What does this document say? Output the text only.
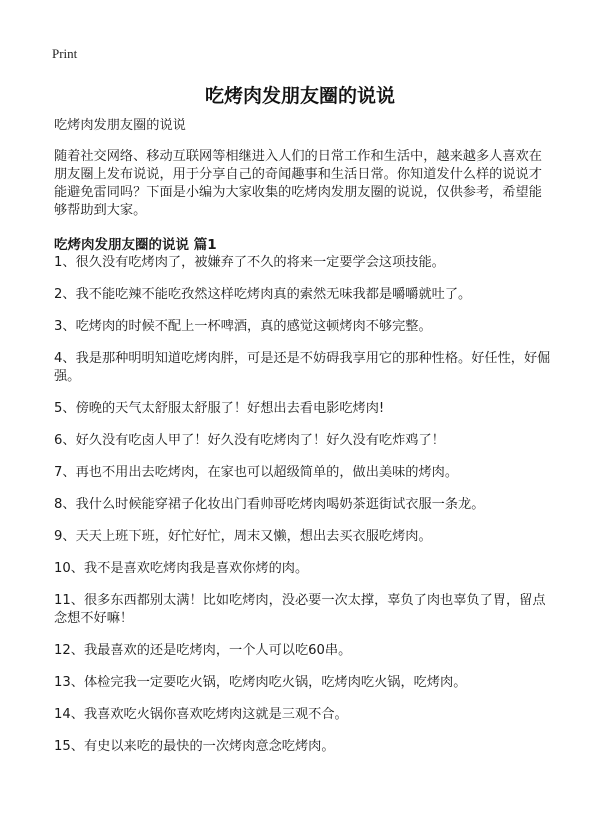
Print
吃烤肉发朋友圈的说说

吃烤肉发朋友圈的说说

随着社交网络、移动互联网等相继进入人们的日常工作和生活中，越来越多人喜欢在朋友圈上发布说说，用于分享自己的奇闻趣事和生活日常。你知道发什么样的说说才能避免雷同吗？下面是小编为大家收集的吃烤肉发朋友圈的说说，仅供参考，希望能够帮助到大家。

吃烤肉发朋友圈的说说 篇1

1、很久没有吃烤肉了，被嫌弃了不久的将来一定要学会这项技能。

2、我不能吃辣不能吃孜然这样吃烤肉真的索然无味我都是嚼嚼就吐了。

3、吃烤肉的时候不配上一杯啤酒，真的感觉这顿烤肉不够完整。

4、我是那种明明知道吃烤肉胖，可是还是不妨碍我享用它的那种性格。好任性，好倔强。

5、傍晚的天气太舒服太舒服了！好想出去看电影吃烤肉!

6、好久没有吃卤人甲了！好久没有吃烤肉了！好久没有吃炸鸡了！

7、再也不用出去吃烤肉，在家也可以超级简单的，做出美味的烤肉。

8、我什么时候能穿裙子化妆出门看帅哥吃烤肉喝奶茶逛街试衣服一条龙。

9、天天上班下班，好忙好忙，周末又懒，想出去买衣服吃烤肉。

10、我不是喜欢吃烤肉我是喜欢你烤的肉。

11、很多东西都别太满！比如吃烤肉，没必要一次太撑，辜负了肉也辜负了胃，留点念想不好嘛！

12、我最喜欢的还是吃烤肉，一个人可以吃60串。

13、体检完我一定要吃火锅，吃烤肉吃火锅，吃烤肉吃火锅，吃烤肉。

14、我喜欢吃火锅你喜欢吃烤肉这就是三观不合。

15、有史以来吃的最快的一次烤肉意念吃烤肉。
